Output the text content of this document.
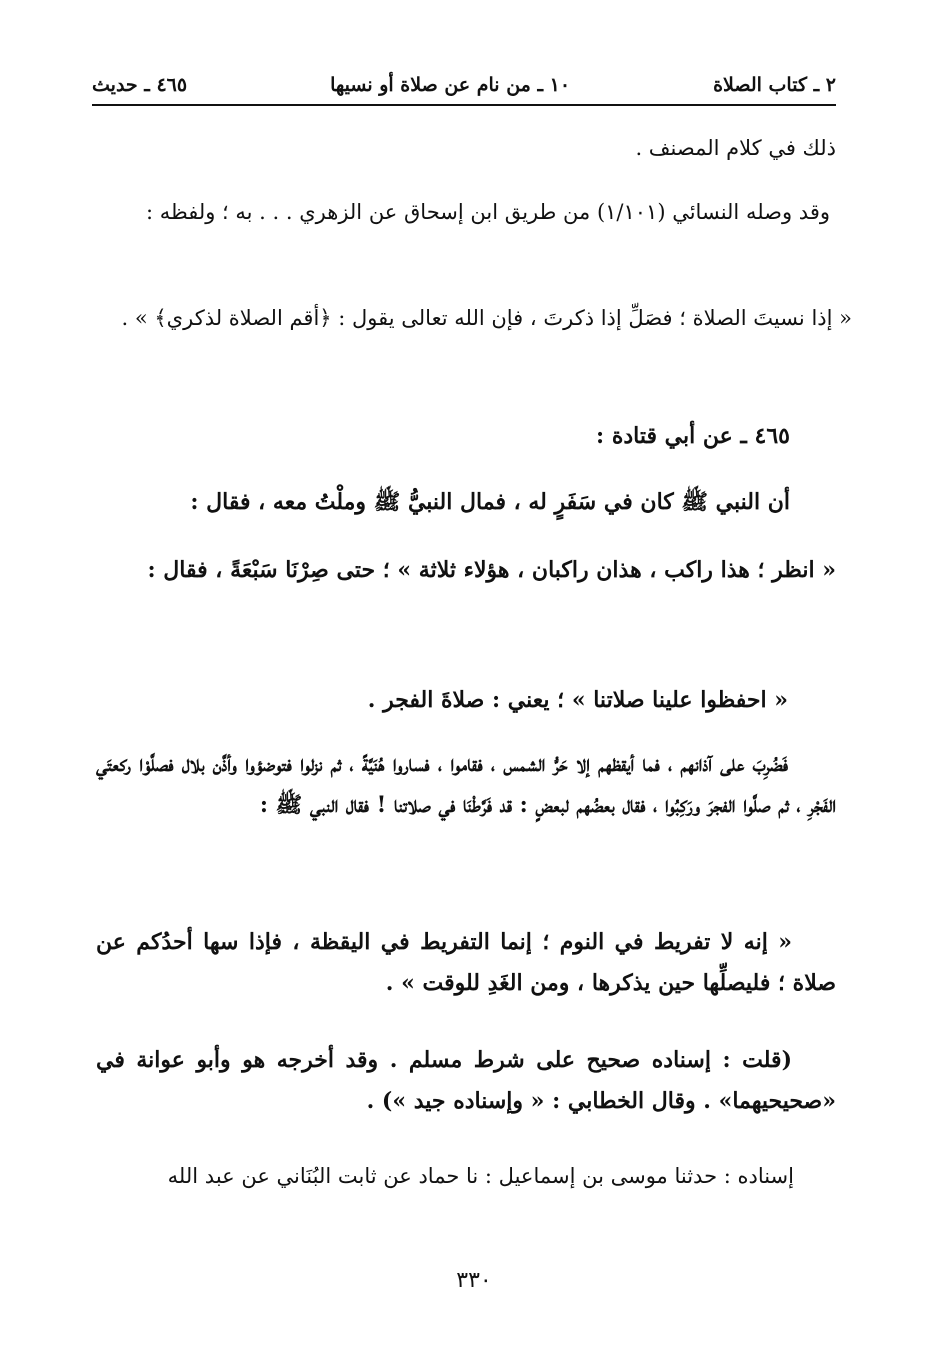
٢ ـ كتاب الصلاة
١٠ ـ من نام عن صلاة أو نسيها
٤٦٥ ـ حديث

ذلك في كلام المصنف .

وقد وصله النسائي (١/١٠١) من طريق ابن إسحاق عن الزهري . . . به ؛ ولفظه :

« إذا نسيتَ الصلاة ؛ فصَلِّ إذا ذكرتَ ، فإن الله تعالى يقول : ﴿أقم الصلاة لذكري﴾ » .

٤٦٥ ـ عن أبي قتادة :

أن النبي ﷺ كان في سَفَرٍ له ، فمال النبيُّ ﷺ وملْتُ معه ، فقال :

« انظر ؛ هذا راكب ، هذان راكبان ، هؤلاء ثلاثة » ؛ حتى صِرْنَا سَبْعَةً ، فقال :

« احفظوا علينا صلاتنا » ؛ يعني : صلاةَ الفجر .

فَضُرِبَ على آذانهم ، فما أيقظهم إلا حَرُّ الشمس ، فقاموا ، فساروا هُنَيَّةً ، ثم نزلوا فتوضؤوا وأذَّن بلال فصلَّوْا ركعتَي الفَجْرِ ، ثم صلَّوا الفجرَ ورَكِبُوا ، فقال بعضُهم لبعضٍ : قد فَرَّطْنَا في صلاتنا ! فقال النبي ﷺ :

« إنه لا تفريط في النوم ؛ إنما التفريط في اليقظة ، فإذا سها أحدُكم عن صلاة ؛ فليصلِّها حين يذكرها ، ومن الغَدِ للوقت » .

(قلت : إسناده صحيح على شرط مسلم . وقد أخرجه هو وأبو عوانة في «صحيحيهما» . وقال الخطابي : « وإسناده جيد ») .

إسناده : حدثنا موسى بن إسماعيل : نا حماد عن ثابت البُنَاني عن عبد الله

٣٣٠
